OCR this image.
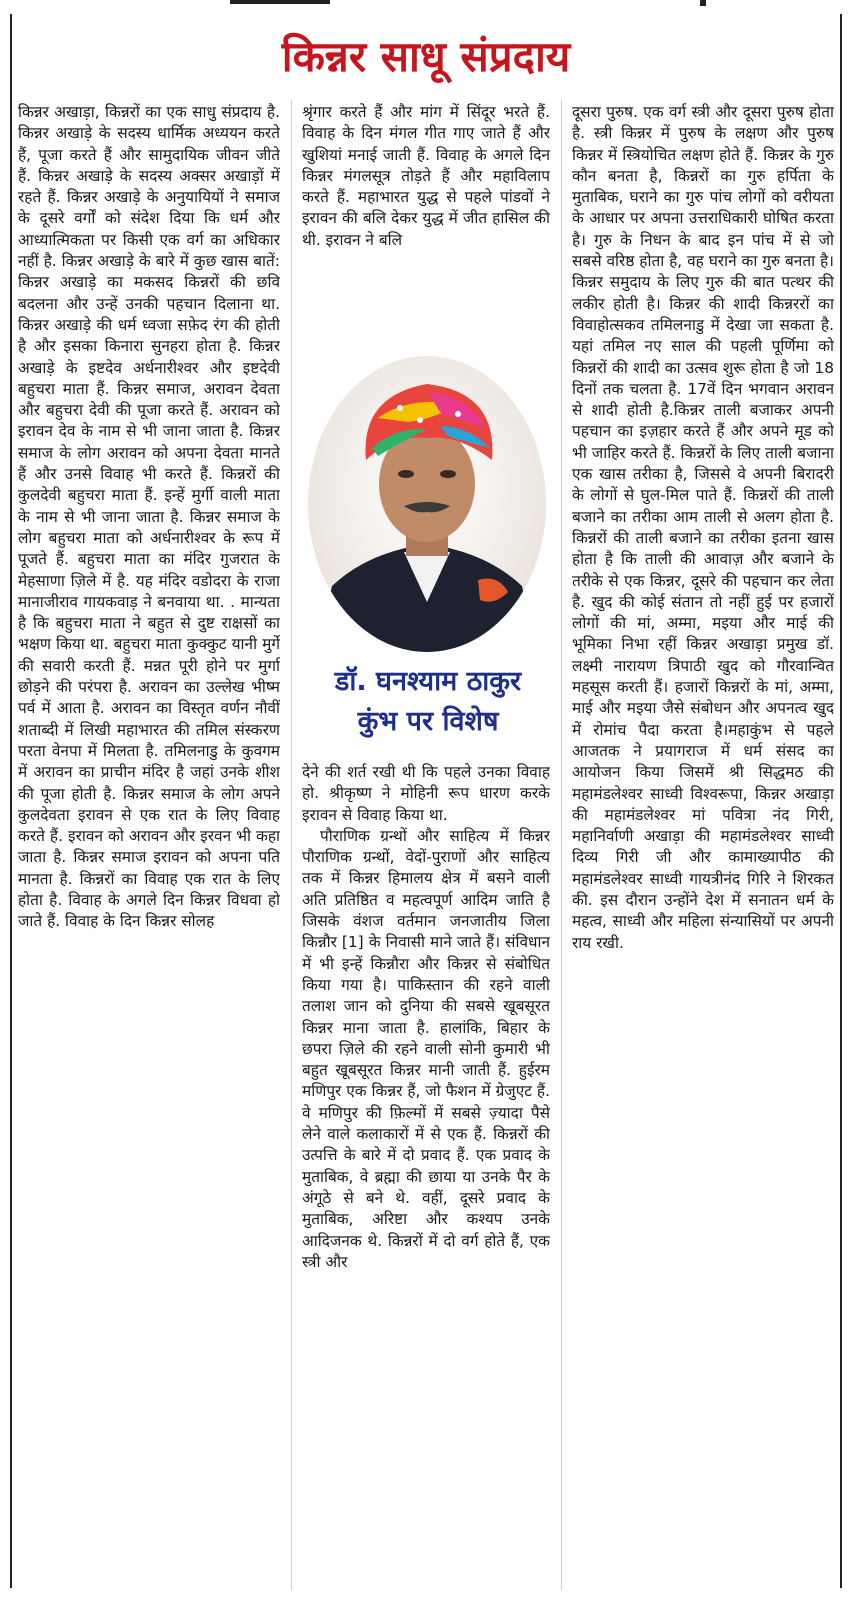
किन्नर साधू संप्रदाय

किन्नर अखाड़ा, किन्नरों का एक साधु संप्रदाय है. किन्नर अखाड़े के सदस्य धार्मिक अध्ययन करते हैं, पूजा करते हैं और सामुदायिक जीवन जीते हैं. किन्नर अखाड़े के सदस्य अक्सर अखाड़ों में रहते हैं. किन्नर अखाड़े के अनुयायियों ने समाज के दूसरे वर्गों को संदेश दिया कि धर्म और आध्यात्मिकता पर किसी एक वर्ग का अधिकार नहीं है. किन्नर अखाड़े के बारे में कुछ खास बातें: किन्नर अखाड़े का मकसद किन्नरों की छवि बदलना और उन्हें उनकी पहचान दिलाना था. किन्नर अखाड़े की धर्म ध्वजा सफ़ेद रंग की होती है और इसका किनारा सुनहरा होता है. किन्नर अखाड़े के इष्टदेव अर्धनारीश्वर और इष्टदेवी बहुचरा माता हैं. किन्नर समाज, अरावन देवता और बहुचरा देवी की पूजा करते हैं. अरावन को इरावन देव के नाम से भी जाना जाता है. किन्नर समाज के लोग अरावन को अपना देवता मानते हैं और उनसे विवाह भी करते हैं. किन्नरों की कुलदेवी बहुचरा माता हैं. इन्हें मुर्गी वाली माता के नाम से भी जाना जाता है. किन्नर समाज के लोग बहुचरा माता को अर्धनारीश्वर के रूप में पूजते हैं. बहुचरा माता का मंदिर गुजरात के मेहसाणा ज़िले में है. यह मंदिर वडोदरा के राजा मानाजीराव गायकवाड़ ने बनवाया था. . मान्यता है कि बहुचरा माता ने बहुत से दुष्ट राक्षसों का भक्षण किया था. बहुचरा माता कुक्कुट यानी मुर्गे की सवारी करती हैं. मन्नत पूरी होने पर मुर्गा छोड़ने की परंपरा है. अरावन का उल्लेख भीष्म पर्व में आता है. अरावन का विस्तृत वर्णन नौवीं शताब्दी में लिखी महाभारत की तमिल संस्करण परता वेनपा में मिलता है. तमिलनाडु के कुवगम में अरावन का प्राचीन मंदिर है जहां उनके शीश की पूजा होती है. किन्नर समाज के लोग अपने कुलदेवता इरावन से एक रात के लिए विवाह करते हैं. इरावन को अरावन और इरवन भी कहा जाता है. किन्नर समाज इरावन को अपना पति मानता है. किन्नरों का विवाह एक रात के लिए होता है. विवाह के अगले दिन किन्नर विधवा हो जाते हैं. विवाह के दिन किन्नर सोलह

श्रृंगार करते हैं और मांग में सिंदूर भरते हैं. विवाह के दिन मंगल गीत गाए जाते हैं और खुशियां मनाई जाती हैं. विवाह के अगले दिन किन्नर मंगलसूत्र तोड़ते हैं और महाविलाप करते हैं. महाभारत युद्ध से पहले पांडवों ने इरावन की बलि देकर युद्ध में जीत हासिल की थी. इरावन ने बलि

डॉ. घनश्याम ठाकुर
कुंभ पर विशेष

देने की शर्त रखी थी कि पहले उनका विवाह हो. श्रीकृष्ण ने मोहिनी रूप धारण करके इरावन से विवाह किया था.

पौराणिक ग्रन्थों और साहित्य में किन्नर पौराणिक ग्रन्थों, वेदों-पुराणों और साहित्य तक में किन्नर हिमालय क्षेत्र में बसने वाली अति प्रतिष्ठित व महत्वपूर्ण आदिम जाति है जिसके वंशज वर्तमान जनजातीय जिला किन्नौर [1] के निवासी माने जाते हैं। संविधान में भी इन्हें किन्नौरा और किन्नर से संबोधित किया गया है। पाकिस्तान की रहने वाली तलाश जान को दुनिया की सबसे खूबसूरत किन्नर माना जाता है. हालांकि, बिहार के छपरा ज़िले की रहने वाली सोनी कुमारी भी बहुत खूबसूरत किन्नर मानी जाती हैं. हुईरम मणिपुर एक किन्नर हैं, जो फैशन में ग्रेजुएट हैं. वे मणिपुर की फ़िल्मों में सबसे ज़्यादा पैसे लेने वाले कलाकारों में से एक हैं. किन्नरों की उत्पत्ति के बारे में दो प्रवाद हैं. एक प्रवाद के मुताबिक, वे ब्रह्मा की छाया या उनके पैर के अंगूठे से बने थे. वहीं, दूसरे प्रवाद के मुताबिक, अरिष्टा और कश्यप उनके आदिजनक थे. किन्नरों में दो वर्ग होते हैं, एक स्त्री और

दूसरा पुरुष. एक वर्ग स्त्री और दूसरा पुरुष होता है. स्त्री किन्नर में पुरुष के लक्षण और पुरुष किन्नर में स्त्रियोचित लक्षण होते हैं. किन्नर के गुरु कौन बनता है, किन्नरों का गुरु हर्पिता के मुताबिक, घराने का गुरु पांच लोगों को वरीयता के आधार पर अपना उत्तराधिकारी घोषित करता है। गुरु के निधन के बाद इन पांच में से जो सबसे वरिष्ठ होता है, वह घराने का गुरु बनता है। किन्नर समुदाय के लिए गुरु की बात पत्थर की लकीर होती है। किन्नर की शादी किन्नररों का विवाहोत्सकव तमिलनाडु में देखा जा सकता है. यहां तमिल नए साल की पहली पूर्णिमा को किन्नरों की शादी का उत्सव शुरू होता है जो 18 दिनों तक चलता है. 17वें दिन भगवान अरावन से शादी होती है.किन्नर ताली बजाकर अपनी पहचान का इज़हार करते हैं और अपने मूड को भी जाहिर करते हैं. किन्नरों के लिए ताली बजाना एक खास तरीका है, जिससे वे अपनी बिरादरी के लोगों से घुल-मिल पाते हैं. किन्नरों की ताली बजाने का तरीका आम ताली से अलग होता है. किन्नरों की ताली बजाने का तरीका इतना खास होता है कि ताली की आवाज़ और बजाने के तरीके से एक किन्नर, दूसरे की पहचान कर लेता है. खुद की कोई संतान तो नहीं हुई पर हजारों लोगों की मां, अम्मा, मइया और माई की भूमिका निभा रहीं किन्नर अखाड़ा प्रमुख डॉ. लक्ष्मी नारायण त्रिपाठी खुद को गौरवान्वित महसूस करती हैं। हजारों किन्नरों के मां, अम्मा, माई और मइया जैसे संबोधन और अपनत्व खुद में रोमांच पैदा करता है।महाकुंभ से पहले आजतक ने प्रयागराज में धर्म संसद का आयोजन किया जिसमें श्री सिद्धमठ की महामंडलेश्वर साध्वी विश्वरूपा, किन्नर अखाड़ा की महामंडलेश्वर मां पवित्रा नंद गिरी, महानिर्वाणी अखाड़ा की महामंडलेश्वर साध्वी दिव्य गिरी जी और कामाख्यापीठ की महामंडलेश्वर साध्वी गायत्रीनंद गिरि ने शिरकत की. इस दौरान उन्होंने देश में सनातन धर्म के महत्व, साध्वी और महिला संन्यासियों पर अपनी राय रखी.
